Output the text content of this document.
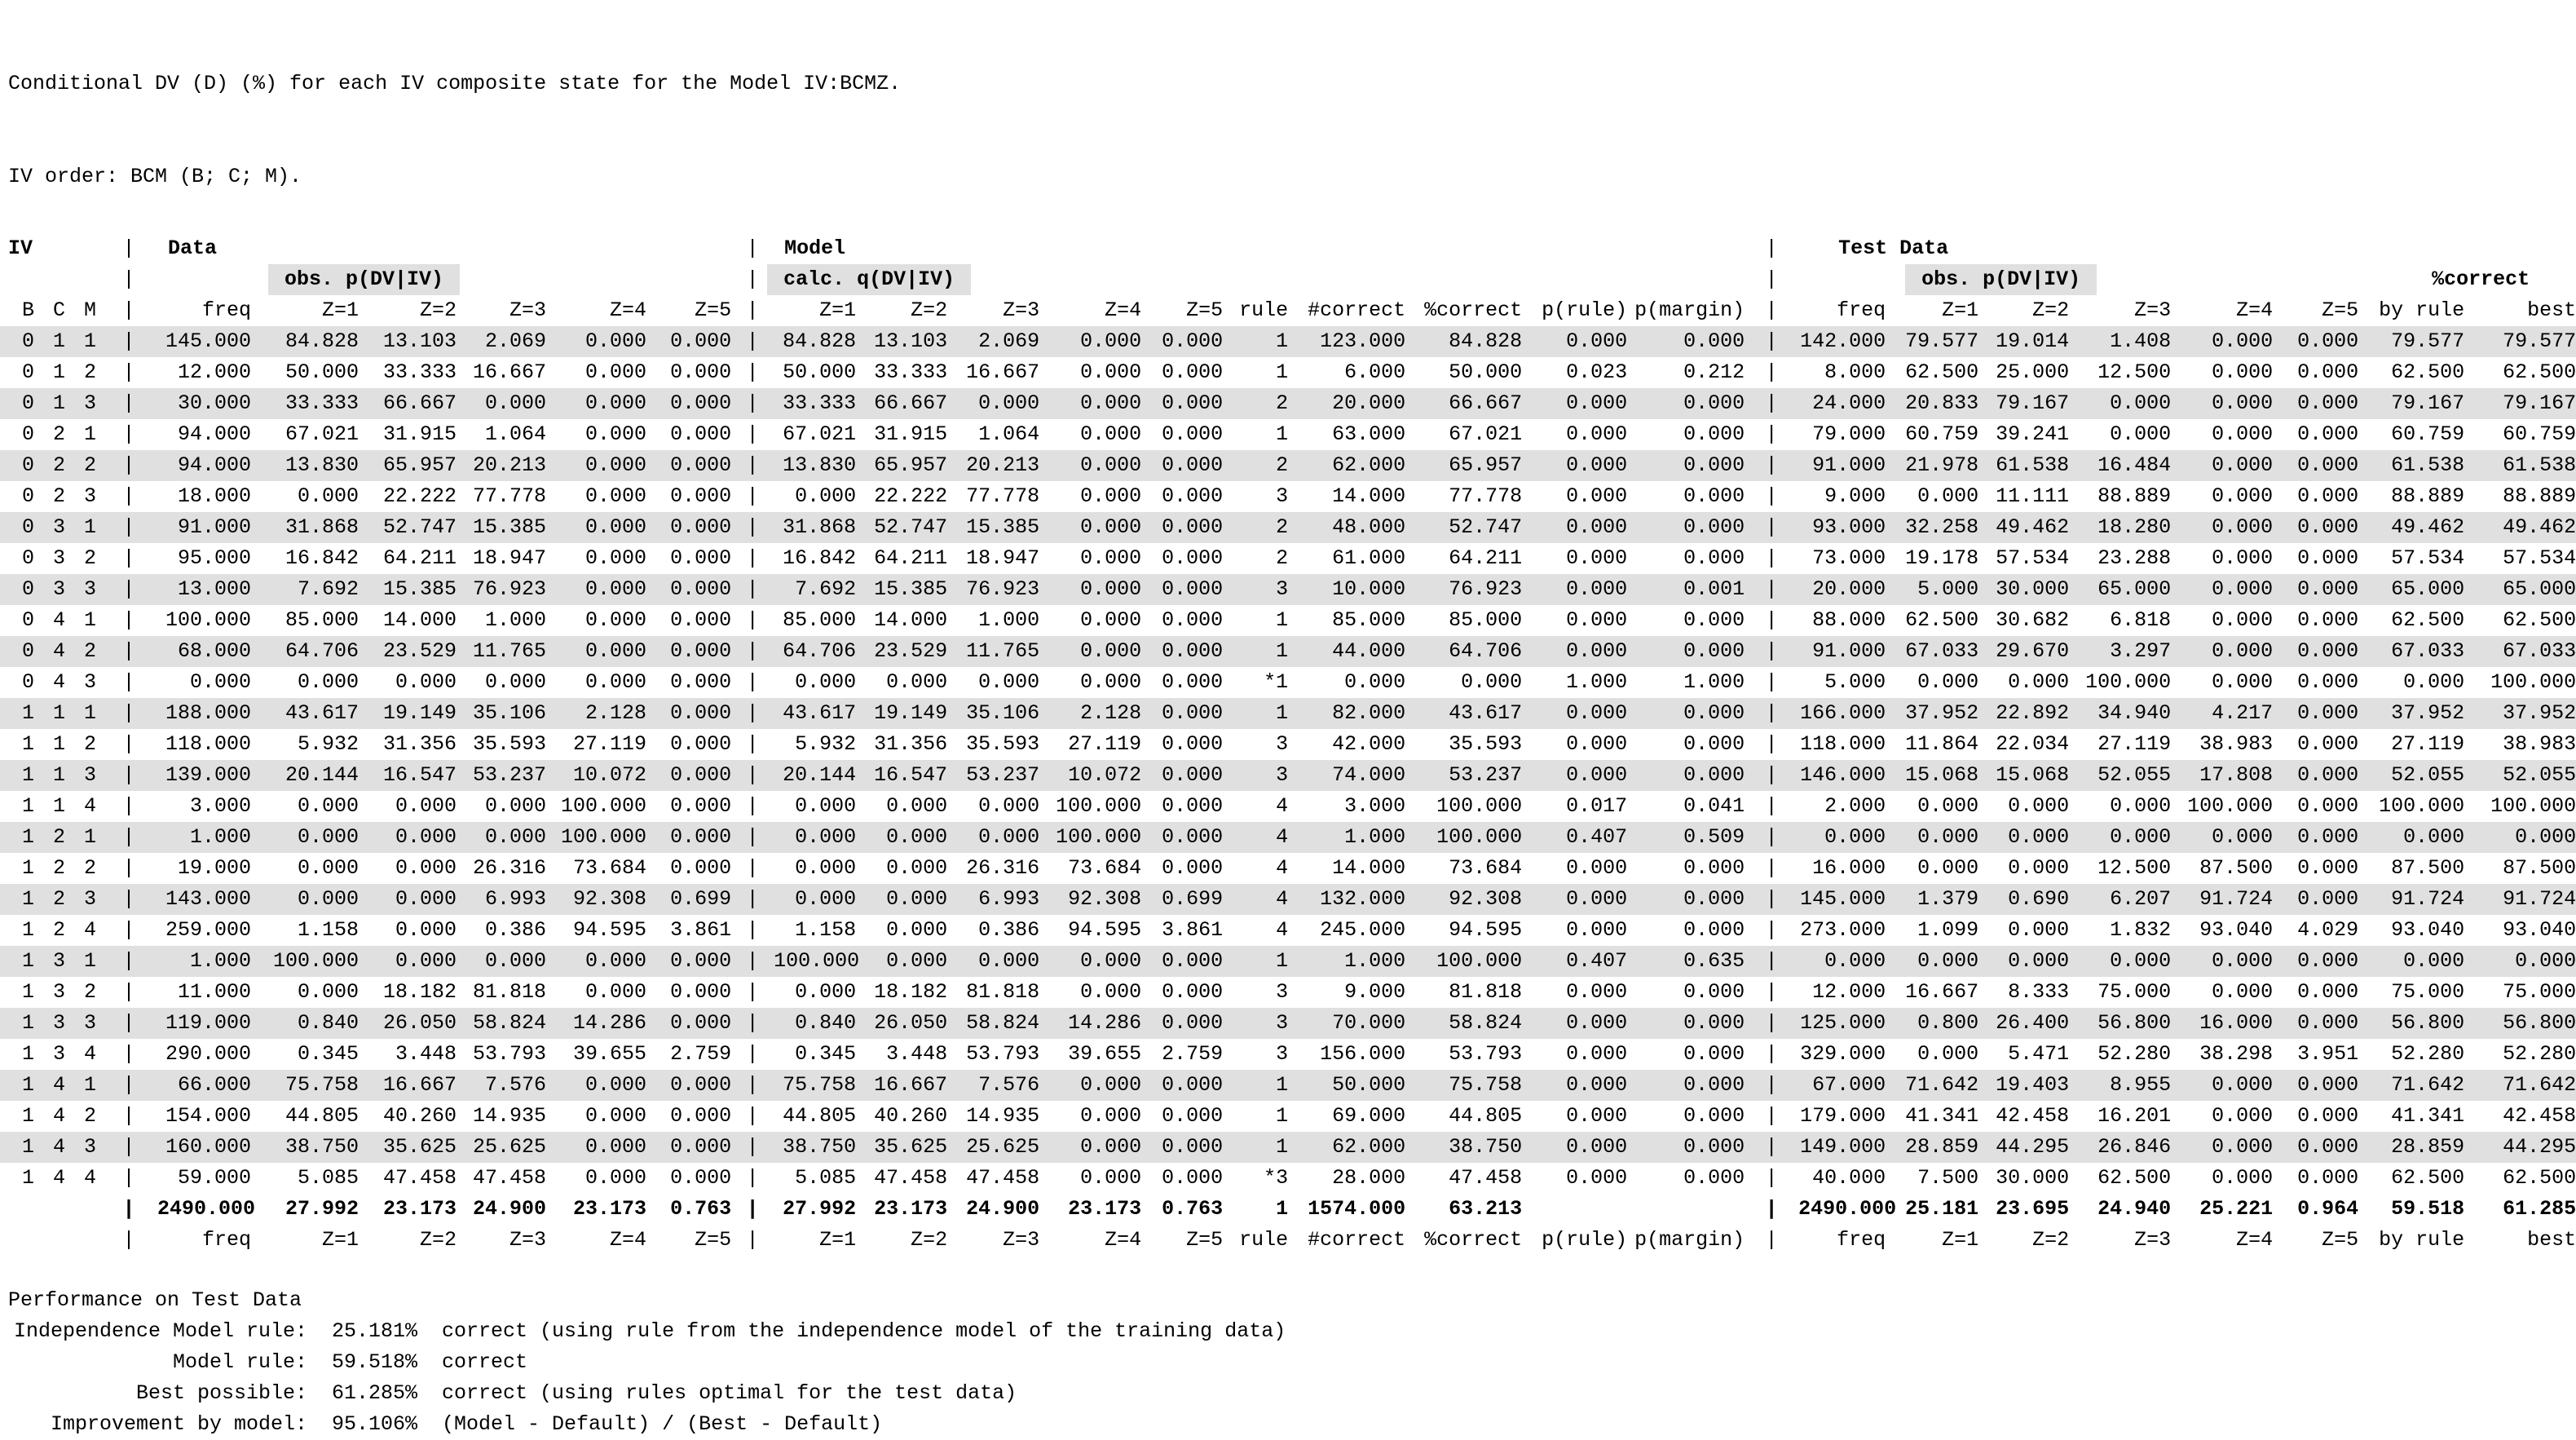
Conditional DV (D) (%) for each IV composite state for the Model IV:BCMZ.

IV order: BCM (B; C; M).

IV			|	Data						|	Model										|	Test Data							
			|	obs. p(DV|IV)						|	calc. q(DV|IV)										|	obs. p(DV|IV) %correct							

B	C	M	|	freq	Z=1	Z=2	Z=3	Z=4	Z=5	|	Z=1	Z=2	Z=3	Z=4	Z=5	rule	#correct	%correct	p(rule)	p(margin)	|	freq	Z=1	Z=2	Z=3	Z=4	Z=5	by rule	best
0	1	1	|	145.000	84.828	13.103	2.069	0.000	0.000	|	84.828	13.103	2.069	0.000	0.000	1	123.000	84.828	0.000	0.000	|	142.000	79.577	19.014	1.408	0.000	0.000	79.577	79.577
0	1	2	|	12.000	50.000	33.333	16.667	0.000	0.000	|	50.000	33.333	16.667	0.000	0.000	1	6.000	50.000	0.023	0.212	|	8.000	62.500	25.000	12.500	0.000	0.000	62.500	62.500
0	1	3	|	30.000	33.333	66.667	0.000	0.000	0.000	|	33.333	66.667	0.000	0.000	0.000	2	20.000	66.667	0.000	0.000	|	24.000	20.833	79.167	0.000	0.000	0.000	79.167	79.167
0	2	1	|	94.000	67.021	31.915	1.064	0.000	0.000	|	67.021	31.915	1.064	0.000	0.000	1	63.000	67.021	0.000	0.000	|	79.000	60.759	39.241	0.000	0.000	0.000	60.759	60.759
0	2	2	|	94.000	13.830	65.957	20.213	0.000	0.000	|	13.830	65.957	20.213	0.000	0.000	2	62.000	65.957	0.000	0.000	|	91.000	21.978	61.538	16.484	0.000	0.000	61.538	61.538
0	2	3	|	18.000	0.000	22.222	77.778	0.000	0.000	|	0.000	22.222	77.778	0.000	0.000	3	14.000	77.778	0.000	0.000	|	9.000	0.000	11.111	88.889	0.000	0.000	88.889	88.889
0	3	1	|	91.000	31.868	52.747	15.385	0.000	0.000	|	31.868	52.747	15.385	0.000	0.000	2	48.000	52.747	0.000	0.000	|	93.000	32.258	49.462	18.280	0.000	0.000	49.462	49.462
0	3	2	|	95.000	16.842	64.211	18.947	0.000	0.000	|	16.842	64.211	18.947	0.000	0.000	2	61.000	64.211	0.000	0.000	|	73.000	19.178	57.534	23.288	0.000	0.000	57.534	57.534
0	3	3	|	13.000	7.692	15.385	76.923	0.000	0.000	|	7.692	15.385	76.923	0.000	0.000	3	10.000	76.923	0.000	0.001	|	20.000	5.000	30.000	65.000	0.000	0.000	65.000	65.000
0	4	1	|	100.000	85.000	14.000	1.000	0.000	0.000	|	85.000	14.000	1.000	0.000	0.000	1	85.000	85.000	0.000	0.000	|	88.000	62.500	30.682	6.818	0.000	0.000	62.500	62.500
0	4	2	|	68.000	64.706	23.529	11.765	0.000	0.000	|	64.706	23.529	11.765	0.000	0.000	1	44.000	64.706	0.000	0.000	|	91.000	67.033	29.670	3.297	0.000	0.000	67.033	67.033
0	4	3	|	0.000	0.000	0.000	0.000	0.000	0.000	|	0.000	0.000	0.000	0.000	0.000	*1	0.000	0.000	1.000	1.000	|	5.000	0.000	0.000	100.000	0.000	0.000	0.000	100.000
1	1	1	|	188.000	43.617	19.149	35.106	2.128	0.000	|	43.617	19.149	35.106	2.128	0.000	1	82.000	43.617	0.000	0.000	|	166.000	37.952	22.892	34.940	4.217	0.000	37.952	37.952
1	1	2	|	118.000	5.932	31.356	35.593	27.119	0.000	|	5.932	31.356	35.593	27.119	0.000	3	42.000	35.593	0.000	0.000	|	118.000	11.864	22.034	27.119	38.983	0.000	27.119	38.983
1	1	3	|	139.000	20.144	16.547	53.237	10.072	0.000	|	20.144	16.547	53.237	10.072	0.000	3	74.000	53.237	0.000	0.000	|	146.000	15.068	15.068	52.055	17.808	0.000	52.055	52.055
1	1	4	|	3.000	0.000	0.000	0.000	100.000	0.000	|	0.000	0.000	0.000	100.000	0.000	4	3.000	100.000	0.017	0.041	|	2.000	0.000	0.000	0.000	100.000	0.000	100.000	100.000
1	2	1	|	1.000	0.000	0.000	0.000	100.000	0.000	|	0.000	0.000	0.000	100.000	0.000	4	1.000	100.000	0.407	0.509	|	0.000	0.000	0.000	0.000	0.000	0.000	0.000	0.000
1	2	2	|	19.000	0.000	0.000	26.316	73.684	0.000	|	0.000	0.000	26.316	73.684	0.000	4	14.000	73.684	0.000	0.000	|	16.000	0.000	0.000	12.500	87.500	0.000	87.500	87.500
1	2	3	|	143.000	0.000	0.000	6.993	92.308	0.699	|	0.000	0.000	6.993	92.308	0.699	4	132.000	92.308	0.000	0.000	|	145.000	1.379	0.690	6.207	91.724	0.000	91.724	91.724
1	2	4	|	259.000	1.158	0.000	0.386	94.595	3.861	|	1.158	0.000	0.386	94.595	3.861	4	245.000	94.595	0.000	0.000	|	273.000	1.099	0.000	1.832	93.040	4.029	93.040	93.040
1	3	1	|	1.000	100.000	0.000	0.000	0.000	0.000	|	100.000	0.000	0.000	0.000	0.000	1	1.000	100.000	0.407	0.635	|	0.000	0.000	0.000	0.000	0.000	0.000	0.000	0.000
1	3	2	|	11.000	0.000	18.182	81.818	0.000	0.000	|	0.000	18.182	81.818	0.000	0.000	3	9.000	81.818	0.000	0.000	|	12.000	16.667	8.333	75.000	0.000	0.000	75.000	75.000
1	3	3	|	119.000	0.840	26.050	58.824	14.286	0.000	|	0.840	26.050	58.824	14.286	0.000	3	70.000	58.824	0.000	0.000	|	125.000	0.800	26.400	56.800	16.000	0.000	56.800	56.800
1	3	4	|	290.000	0.345	3.448	53.793	39.655	2.759	|	0.345	3.448	53.793	39.655	2.759	3	156.000	53.793	0.000	0.000	|	329.000	0.000	5.471	52.280	38.298	3.951	52.280	52.280
1	4	1	|	66.000	75.758	16.667	7.576	0.000	0.000	|	75.758	16.667	7.576	0.000	0.000	1	50.000	75.758	0.000	0.000	|	67.000	71.642	19.403	8.955	0.000	0.000	71.642	71.642
1	4	2	|	154.000	44.805	40.260	14.935	0.000	0.000	|	44.805	40.260	14.935	0.000	0.000	1	69.000	44.805	0.000	0.000	|	179.000	41.341	42.458	16.201	0.000	0.000	41.341	42.458
1	4	3	|	160.000	38.750	35.625	25.625	0.000	0.000	|	38.750	35.625	25.625	0.000	0.000	1	62.000	38.750	0.000	0.000	|	149.000	28.859	44.295	26.846	0.000	0.000	28.859	44.295
1	4	4	|	59.000	5.085	47.458	47.458	0.000	0.000	|	5.085	47.458	47.458	0.000	0.000	*3	28.000	47.458	0.000	0.000	|	40.000	7.500	30.000	62.500	0.000	0.000	62.500	62.500
			|	2490.000	27.992	23.173	24.900	23.173	0.763	|	27.992	23.173	24.900	23.173	0.763	1	1574.000	63.213			|	2490.000	25.181	23.695	24.940	25.221	0.964	59.518	61.285
			|	freq	Z=1	Z=2	Z=3	Z=4	Z=5	|	Z=1	Z=2	Z=3	Z=4	Z=5	rule	#correct	%correct	p(rule)	p(margin)	|	freq	Z=1	Z=2	Z=3	Z=4	Z=5	by rule	best
Performance on Test Data
Independence Model rule: 25.181% correct (using rule from the independence model of the training data)
Model rule: 59.518% correct
Best possible: 61.285% correct (using rules optimal for the test data)
Improvement by model: 95.106% (Model - Default) / (Best - Default)
